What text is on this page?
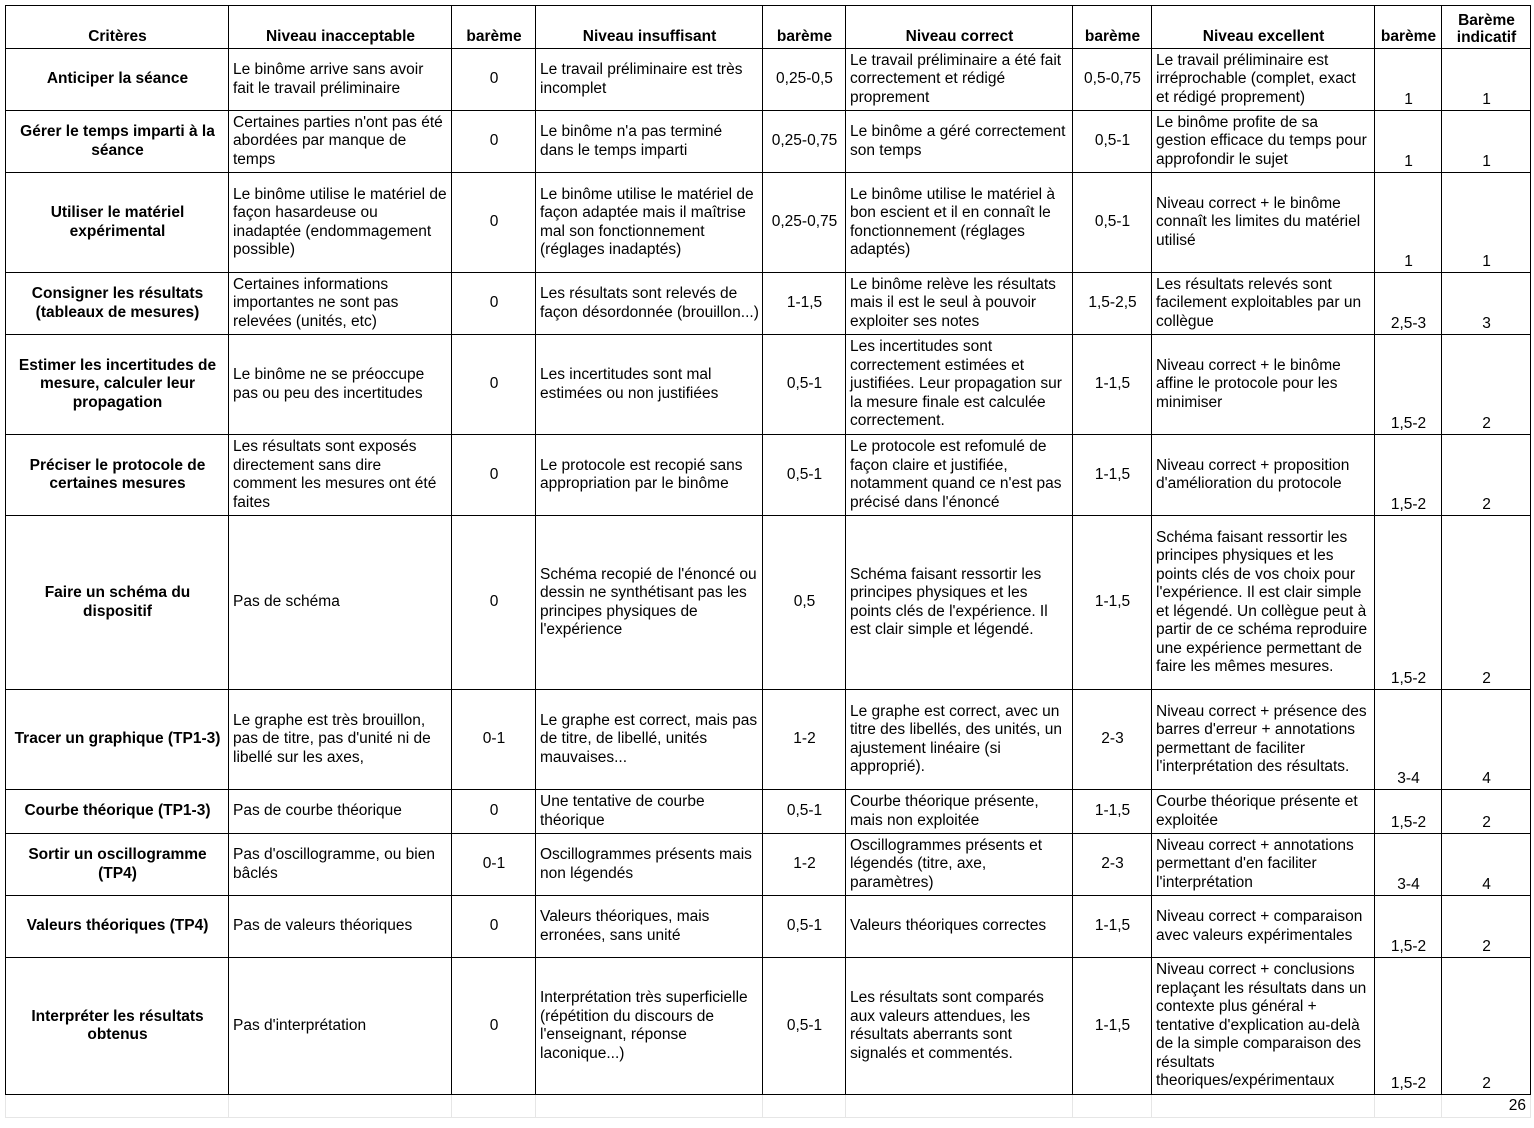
Critères	Niveau inacceptable	barème	Niveau insuffisant	barème	Niveau correct	barème	Niveau excellent	barème	Barème indicatif
Anticiper la séance	Le binôme arrive sans avoir fait le travail préliminaire	0	Le travail préliminaire est très incomplet	0,25-0,5	Le travail préliminaire a été fait correctement et rédigé proprement	0,5-0,75	Le travail préliminaire est irréprochable (complet, exact et rédigé proprement)	1	1
Gérer le temps imparti à la séance	Certaines parties n'ont pas été abordées par manque de temps	0	Le binôme n'a pas terminé dans le temps imparti	0,25-0,75	Le binôme a géré correctement son temps	0,5-1	Le binôme profite de sa gestion efficace du temps pour approfondir le sujet	1	1
Utiliser le matériel expérimental	Le binôme utilise le matériel de façon hasardeuse ou inadaptée (endommagement possible)	0	Le binôme utilise le matériel de façon adaptée mais il maîtrise mal son fonctionnement (réglages inadaptés)	0,25-0,75	Le binôme utilise le matériel à bon escient et il en connaît le fonctionnement (réglages adaptés)	0,5-1	Niveau correct + le binôme connaît les limites du matériel utilisé	1	1
Consigner les résultats (tableaux de mesures)	Certaines informations importantes ne sont pas relevées (unités, etc)	0	Les résultats sont relevés de façon désordonnée (brouillon...)	1-1,5	Le binôme relève les résultats mais il est le seul à pouvoir exploiter ses notes	1,5-2,5	Les résultats relevés sont facilement exploitables par un collègue	2,5-3	3
Estimer les incertitudes de mesure, calculer leur propagation	Le binôme ne se préoccupe pas ou peu des incertitudes	0	Les incertitudes sont mal estimées ou non justifiées	0,5-1	Les incertitudes sont correctement estimées et justifiées. Leur propagation sur la mesure finale est calculée correctement.	1-1,5	Niveau correct + le binôme affine le protocole pour les minimiser	1,5-2	2
Préciser le protocole de certaines mesures	Les résultats sont exposés directement sans dire comment les mesures ont été faites	0	Le protocole est recopié sans appropriation par le binôme	0,5-1	Le protocole est refomulé de façon claire et justifiée, notamment quand ce n'est pas précisé dans l'énoncé	1-1,5	Niveau correct + proposition d'amélioration du protocole	1,5-2	2
Faire un schéma du dispositif	Pas de schéma	0	Schéma recopié de l'énoncé ou dessin ne synthétisant pas les principes physiques de l'expérience	0,5	Schéma faisant ressortir les principes physiques et les points clés de l'expérience. Il est clair simple et légendé.	1-1,5	Schéma faisant ressortir les principes physiques et les points clés de vos choix pour l'expérience. Il est clair simple et légendé. Un collègue peut à partir de ce schéma reproduire une expérience permettant de faire les mêmes mesures.	1,5-2	2
Tracer un graphique (TP1-3)	Le graphe est très brouillon, pas de titre, pas d'unité ni de libellé sur les axes,	0-1	Le graphe est correct, mais pas de titre, de libellé, unités mauvaises...	1-2	Le graphe est correct, avec un titre des libellés, des unités, un ajustement linéaire (si approprié).	2-3	Niveau correct + présence des barres d'erreur + annotations permettant de faciliter l'interprétation des résultats.	3-4	4
Courbe théorique (TP1-3)	Pas de courbe théorique	0	Une tentative de courbe théorique	0,5-1	Courbe théorique présente, mais non exploitée	1-1,5	Courbe théorique présente et exploitée	1,5-2	2
Sortir un oscillogramme (TP4)	Pas d'oscillogramme, ou bien bâclés	0-1	Oscillogrammes présents mais non légendés	1-2	Oscillogrammes présents et légendés (titre, axe, paramètres)	2-3	Niveau correct + annotations permettant d'en faciliter l'interprétation	3-4	4
Valeurs théoriques (TP4)	Pas de valeurs théoriques	0	Valeurs théoriques, mais erronées, sans unité	0,5-1	Valeurs théoriques correctes	1-1,5	Niveau correct + comparaison avec valeurs expérimentales	1,5-2	2
Interpréter les résultats obtenus	Pas d'interprétation	0	Interprétation très superficielle (répétition du discours de l'enseignant, réponse laconique...)	0,5-1	Les résultats sont comparés aux valeurs attendues, les résultats aberrants sont signalés et commentés.	1-1,5	Niveau correct + conclusions replaçant les résultats dans un contexte plus général + tentative d'explication au-delà de la simple comparaison des résultats theoriques/expérimentaux	1,5-2	2
									26
